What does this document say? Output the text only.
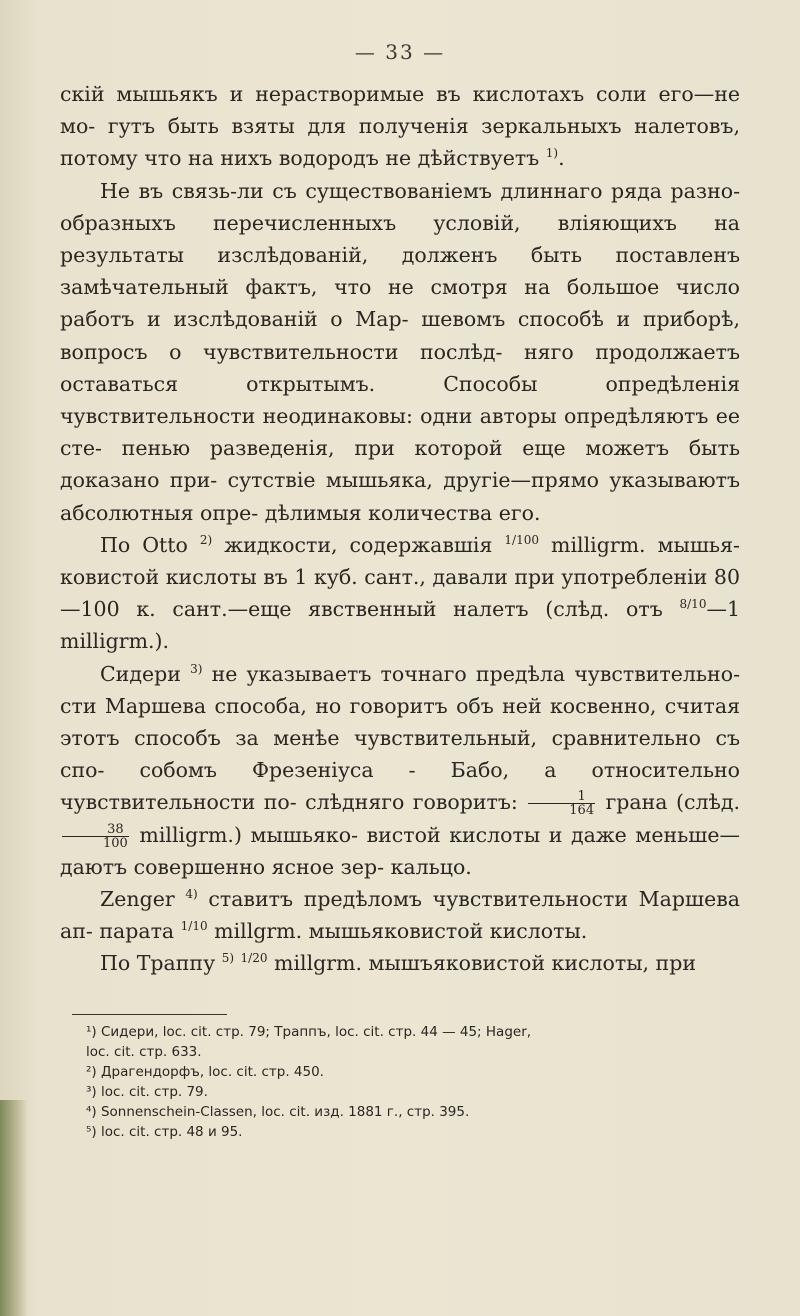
— 33 —

скій мышьякъ и нерастворимые въ кислотахъ соли его—не мо- гутъ быть взяты для полученія зеркальныхъ налетовъ, потому что на нихъ водородъ не дѣйствуетъ $^{1)}$.

Не въ связь-ли съ существованіемъ длиннаго ряда разно- образныхъ перечисленныхъ условій, вліяющихъ на результаты изслѣдованій, долженъ быть поставленъ замѣчательный фактъ, что не смотря на большое число работъ и изслѣдованій о Мар- шевомъ способѣ и приборѣ, вопросъ о чувствительности послѣд- няго продолжаетъ оставаться открытымъ. Способы опредѣленія чувствительности неодинаковы: одни авторы опредѣляютъ ее сте- пенью разведенія, при которой еще можетъ быть доказано при- сутствіе мышьяка, другіе—прямо указываютъ абсолютныя опре- дѣлимыя количества его.

По Otto $^{2)}$ жидкости, содержавшія $^{1/100}$ milligrm. мышья- ковистой кислоты въ 1 куб. сант., давали при употребленіи 80—100 к. сант.—еще явственный налетъ (слѣд. отъ $^{8/10}$—1 milligrm.).

Сидери $^{3)}$ не указываетъ точнаго предѣла чувствительно- сти Маршева способа, но говоритъ объ ней косвенно, считая этотъ способъ за менѣе чувствительный, сравнительно съ спо- собомъ Фрезеніуса - Бабо, а относительно чувствительности по- слѣдняго говоритъ: $\frac{1}{164}$ грана (слѣд.
$\frac{38}{100}$ milligrm.) мышьяко- вистой кислоты и даже меньше—даютъ совершенно ясное зер- кальцо.

Zenger $^{4)}$ ставитъ предѣломъ чувствительности Маршева ап- парата $^{1/10}$ millgrm. мышьяковистой кислоты.

По Траппу $^{5)}$ $^{1/20}$ millgrm. мышъяковистой кислоты, при

¹) Сидери, loc. cit. стр. 79; Траппъ, loc. cit. стр. 44 — 45; Hager,

loc. cit. стр. 633.

²) Драгендорфъ, loc. cit. стр. 450.

³) loc. cit. стр. 79.

⁴) Sonnenschein-Classen, loc. cit. изд. 1881 г., стр. 395.

⁵) loc. cit. стр. 48 и 95.
